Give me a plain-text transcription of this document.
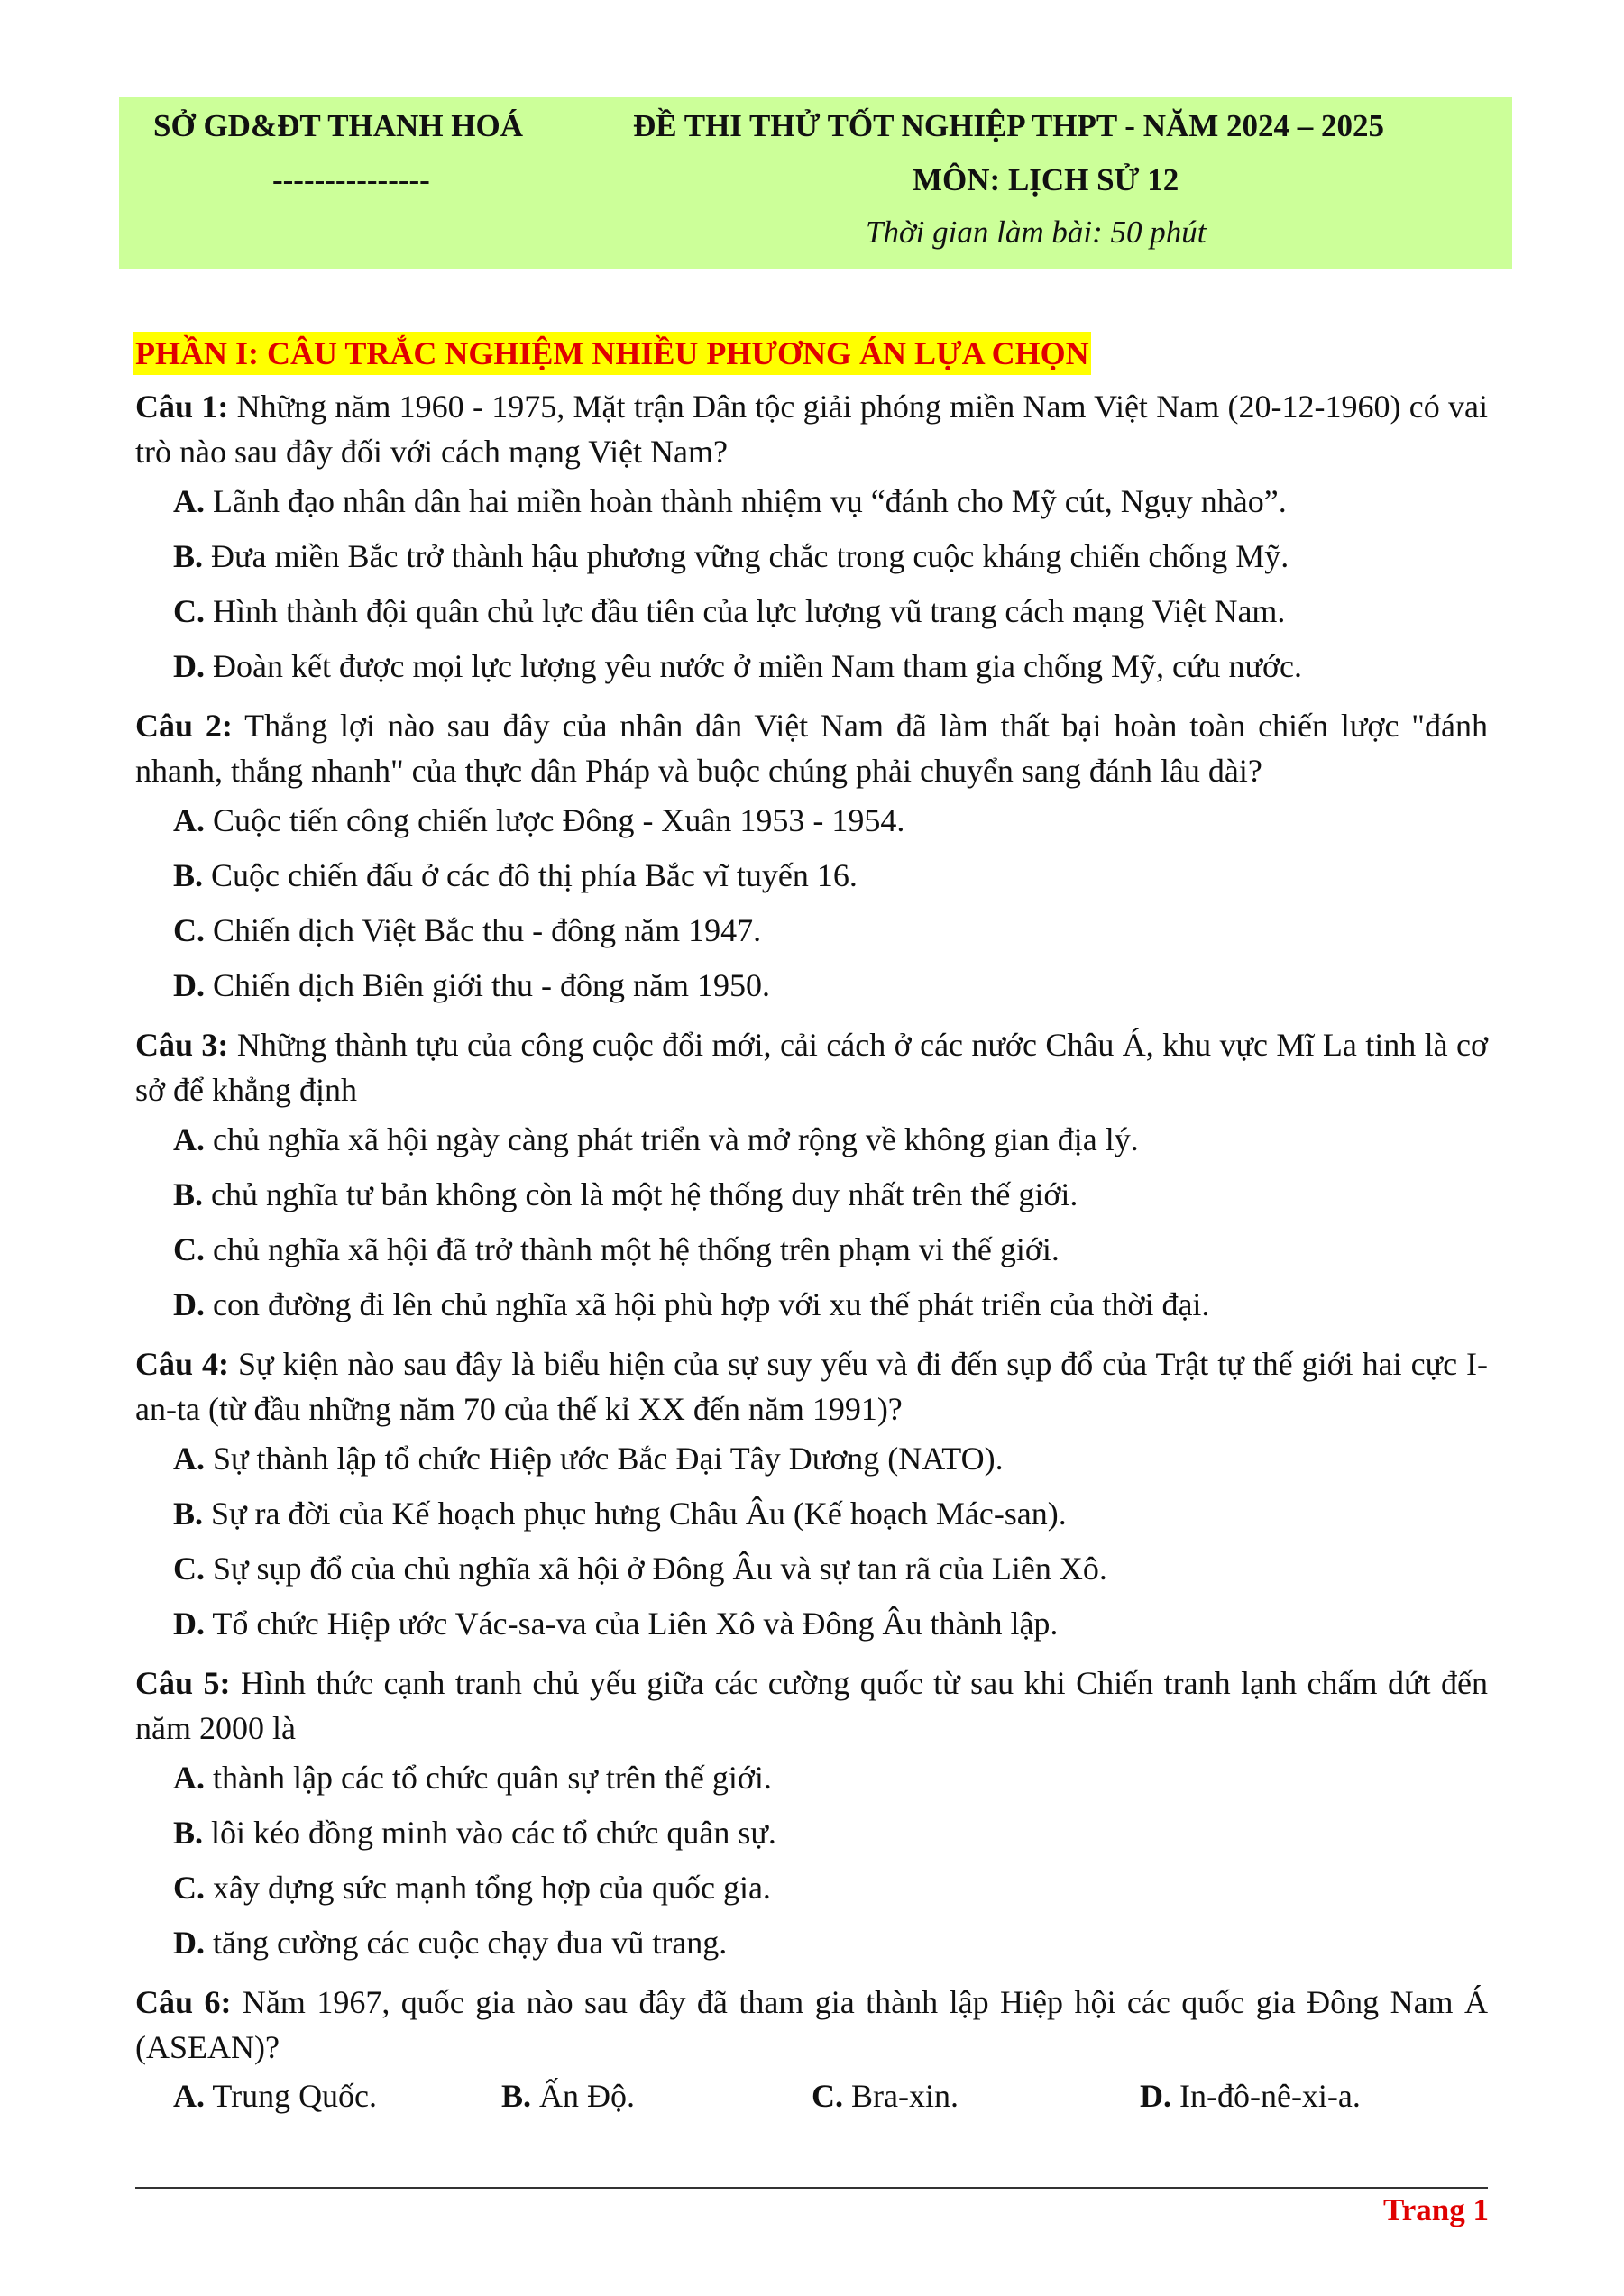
SỞ GD&ĐT THANH HOÁ
---------------
ĐỀ THI THỬ TỐT NGHIỆP THPT - NĂM 2024 – 2025
MÔN: LỊCH SỬ 12
Thời gian làm bài: 50 phút
PHẦN I: CÂU TRẮC NGHIỆM NHIỀU PHƯƠNG ÁN LỰA CHỌN
Câu 1: Những năm 1960 - 1975, Mặt trận Dân tộc giải phóng miền Nam Việt Nam (20-12-1960) có vai trò nào sau đây đối với cách mạng Việt Nam?
A. Lãnh đạo nhân dân hai miền hoàn thành nhiệm vụ “đánh cho Mỹ cút, Ngụy nhào”.
B. Đưa miền Bắc trở thành hậu phương vững chắc trong cuộc kháng chiến chống Mỹ.
C. Hình thành đội quân chủ lực đầu tiên của lực lượng vũ trang cách mạng Việt Nam.
D. Đoàn kết được mọi lực lượng yêu nước ở miền Nam tham gia chống Mỹ, cứu nước.
Câu 2: Thắng lợi nào sau đây của nhân dân Việt Nam đã làm thất bại hoàn toàn chiến lược "đánh nhanh, thắng nhanh" của thực dân Pháp và buộc chúng phải chuyển sang đánh lâu dài?
A. Cuộc tiến công chiến lược Đông - Xuân 1953 - 1954.
B. Cuộc chiến đấu ở các đô thị phía Bắc vĩ tuyến 16.
C. Chiến dịch Việt Bắc thu - đông năm 1947.
D. Chiến dịch Biên giới thu - đông năm 1950.
Câu 3: Những thành tựu của công cuộc đổi mới, cải cách ở các nước Châu Á, khu vực Mĩ La tinh là cơ sở để khẳng định
A. chủ nghĩa xã hội ngày càng phát triển và mở rộng về không gian địa lý.
B. chủ nghĩa tư bản không còn là một hệ thống duy nhất trên thế giới.
C. chủ nghĩa xã hội đã trở thành một hệ thống trên phạm vi thế giới.
D. con đường đi lên chủ nghĩa xã hội phù hợp với xu thế phát triển của thời đại.
Câu 4: Sự kiện nào sau đây là biểu hiện của sự suy yếu và đi đến sụp đổ của Trật tự thế giới hai cực I-an-ta (từ đầu những năm 70 của thế kỉ XX đến năm 1991)?
A. Sự thành lập tổ chức Hiệp ước Bắc Đại Tây Dương (NATO).
B. Sự ra đời của Kế hoạch phục hưng Châu Âu (Kế hoạch Mác-san).
C. Sự sụp đổ của chủ nghĩa xã hội ở Đông Âu và sự tan rã của Liên Xô.
D. Tổ chức Hiệp ước Vác-sa-va của Liên Xô và Đông Âu thành lập.
Câu 5: Hình thức cạnh tranh chủ yếu giữa các cường quốc từ sau khi Chiến tranh lạnh chấm dứt đến năm 2000 là
A. thành lập các tổ chức quân sự trên thế giới.
B. lôi kéo đồng minh vào các tổ chức quân sự.
C. xây dựng sức mạnh tổng hợp của quốc gia.
D. tăng cường các cuộc chạy đua vũ trang.
Câu 6: Năm 1967, quốc gia nào sau đây đã tham gia thành lập Hiệp hội các quốc gia Đông Nam Á (ASEAN)?
A. Trung Quốc.	B. Ấn Độ.	C. Bra-xin.	D. In-đô-nê-xi-a.
Trang 1
